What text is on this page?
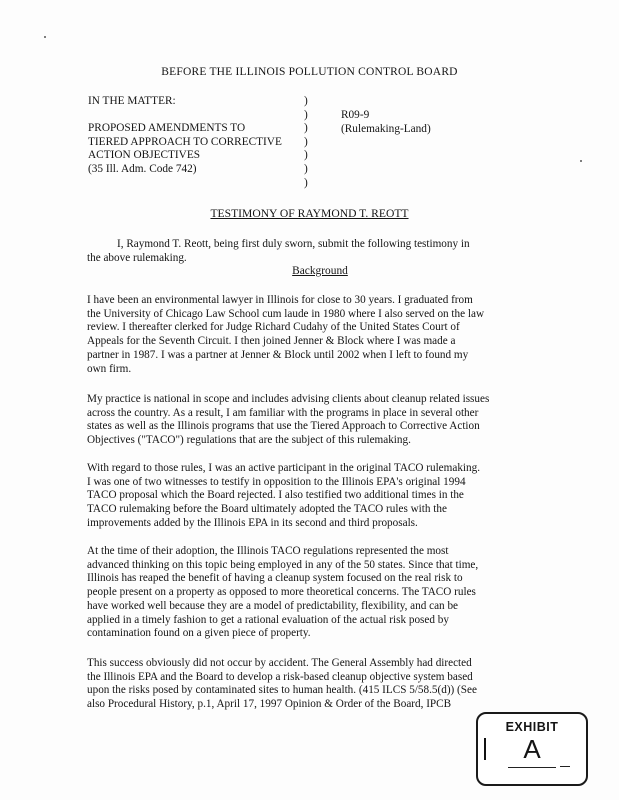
BEFORE THE ILLINOIS POLLUTION CONTROL BOARD
IN THE MATTER:
PROPOSED AMENDMENTS TO
TIERED APPROACH TO CORRECTIVE
ACTION OBJECTIVES
(35 Ill. Adm. Code 742)
)
)
)
)
)
)
)
R09-9
(Rulemaking-Land)
TESTIMONY OF RAYMOND T. REOTT
I, Raymond T. Reott, being first duly sworn, submit the following testimony in
the above rulemaking.
Background
I have been an environmental lawyer in Illinois for close to 30 years. I graduated from
the University of Chicago Law School cum laude in 1980 where I also served on the law
review. I thereafter clerked for Judge Richard Cudahy of the United States Court of
Appeals for the Seventh Circuit. I then joined Jenner & Block where I was made a
partner in 1987. I was a partner at Jenner & Block until 2002 when I left to found my
own firm.
My practice is national in scope and includes advising clients about cleanup related issues
across the country. As a result, I am familiar with the programs in place in several other
states as well as the Illinois programs that use the Tiered Approach to Corrective Action
Objectives ("TACO") regulations that are the subject of this rulemaking.
With regard to those rules, I was an active participant in the original TACO rulemaking.
I was one of two witnesses to testify in opposition to the Illinois EPA's original 1994
TACO proposal which the Board rejected. I also testified two additional times in the
TACO rulemaking before the Board ultimately adopted the TACO rules with the
improvements added by the Illinois EPA in its second and third proposals.
At the time of their adoption, the Illinois TACO regulations represented the most
advanced thinking on this topic being employed in any of the 50 states. Since that time,
Illinois has reaped the benefit of having a cleanup system focused on the real risk to
people present on a property as opposed to more theoretical concerns. The TACO rules
have worked well because they are a model of predictability, flexibility, and can be
applied in a timely fashion to get a rational evaluation of the actual risk posed by
contamination found on a given piece of property.
This success obviously did not occur by accident. The General Assembly had directed
the Illinois EPA and the Board to develop a risk-based cleanup objective system based
upon the risks posed by contaminated sites to human health. (415 ILCS 5/58.5(d)) (See
also Procedural History, p.1, April 17, 1997 Opinion & Order of the Board, IPCB
EXHIBIT
A
